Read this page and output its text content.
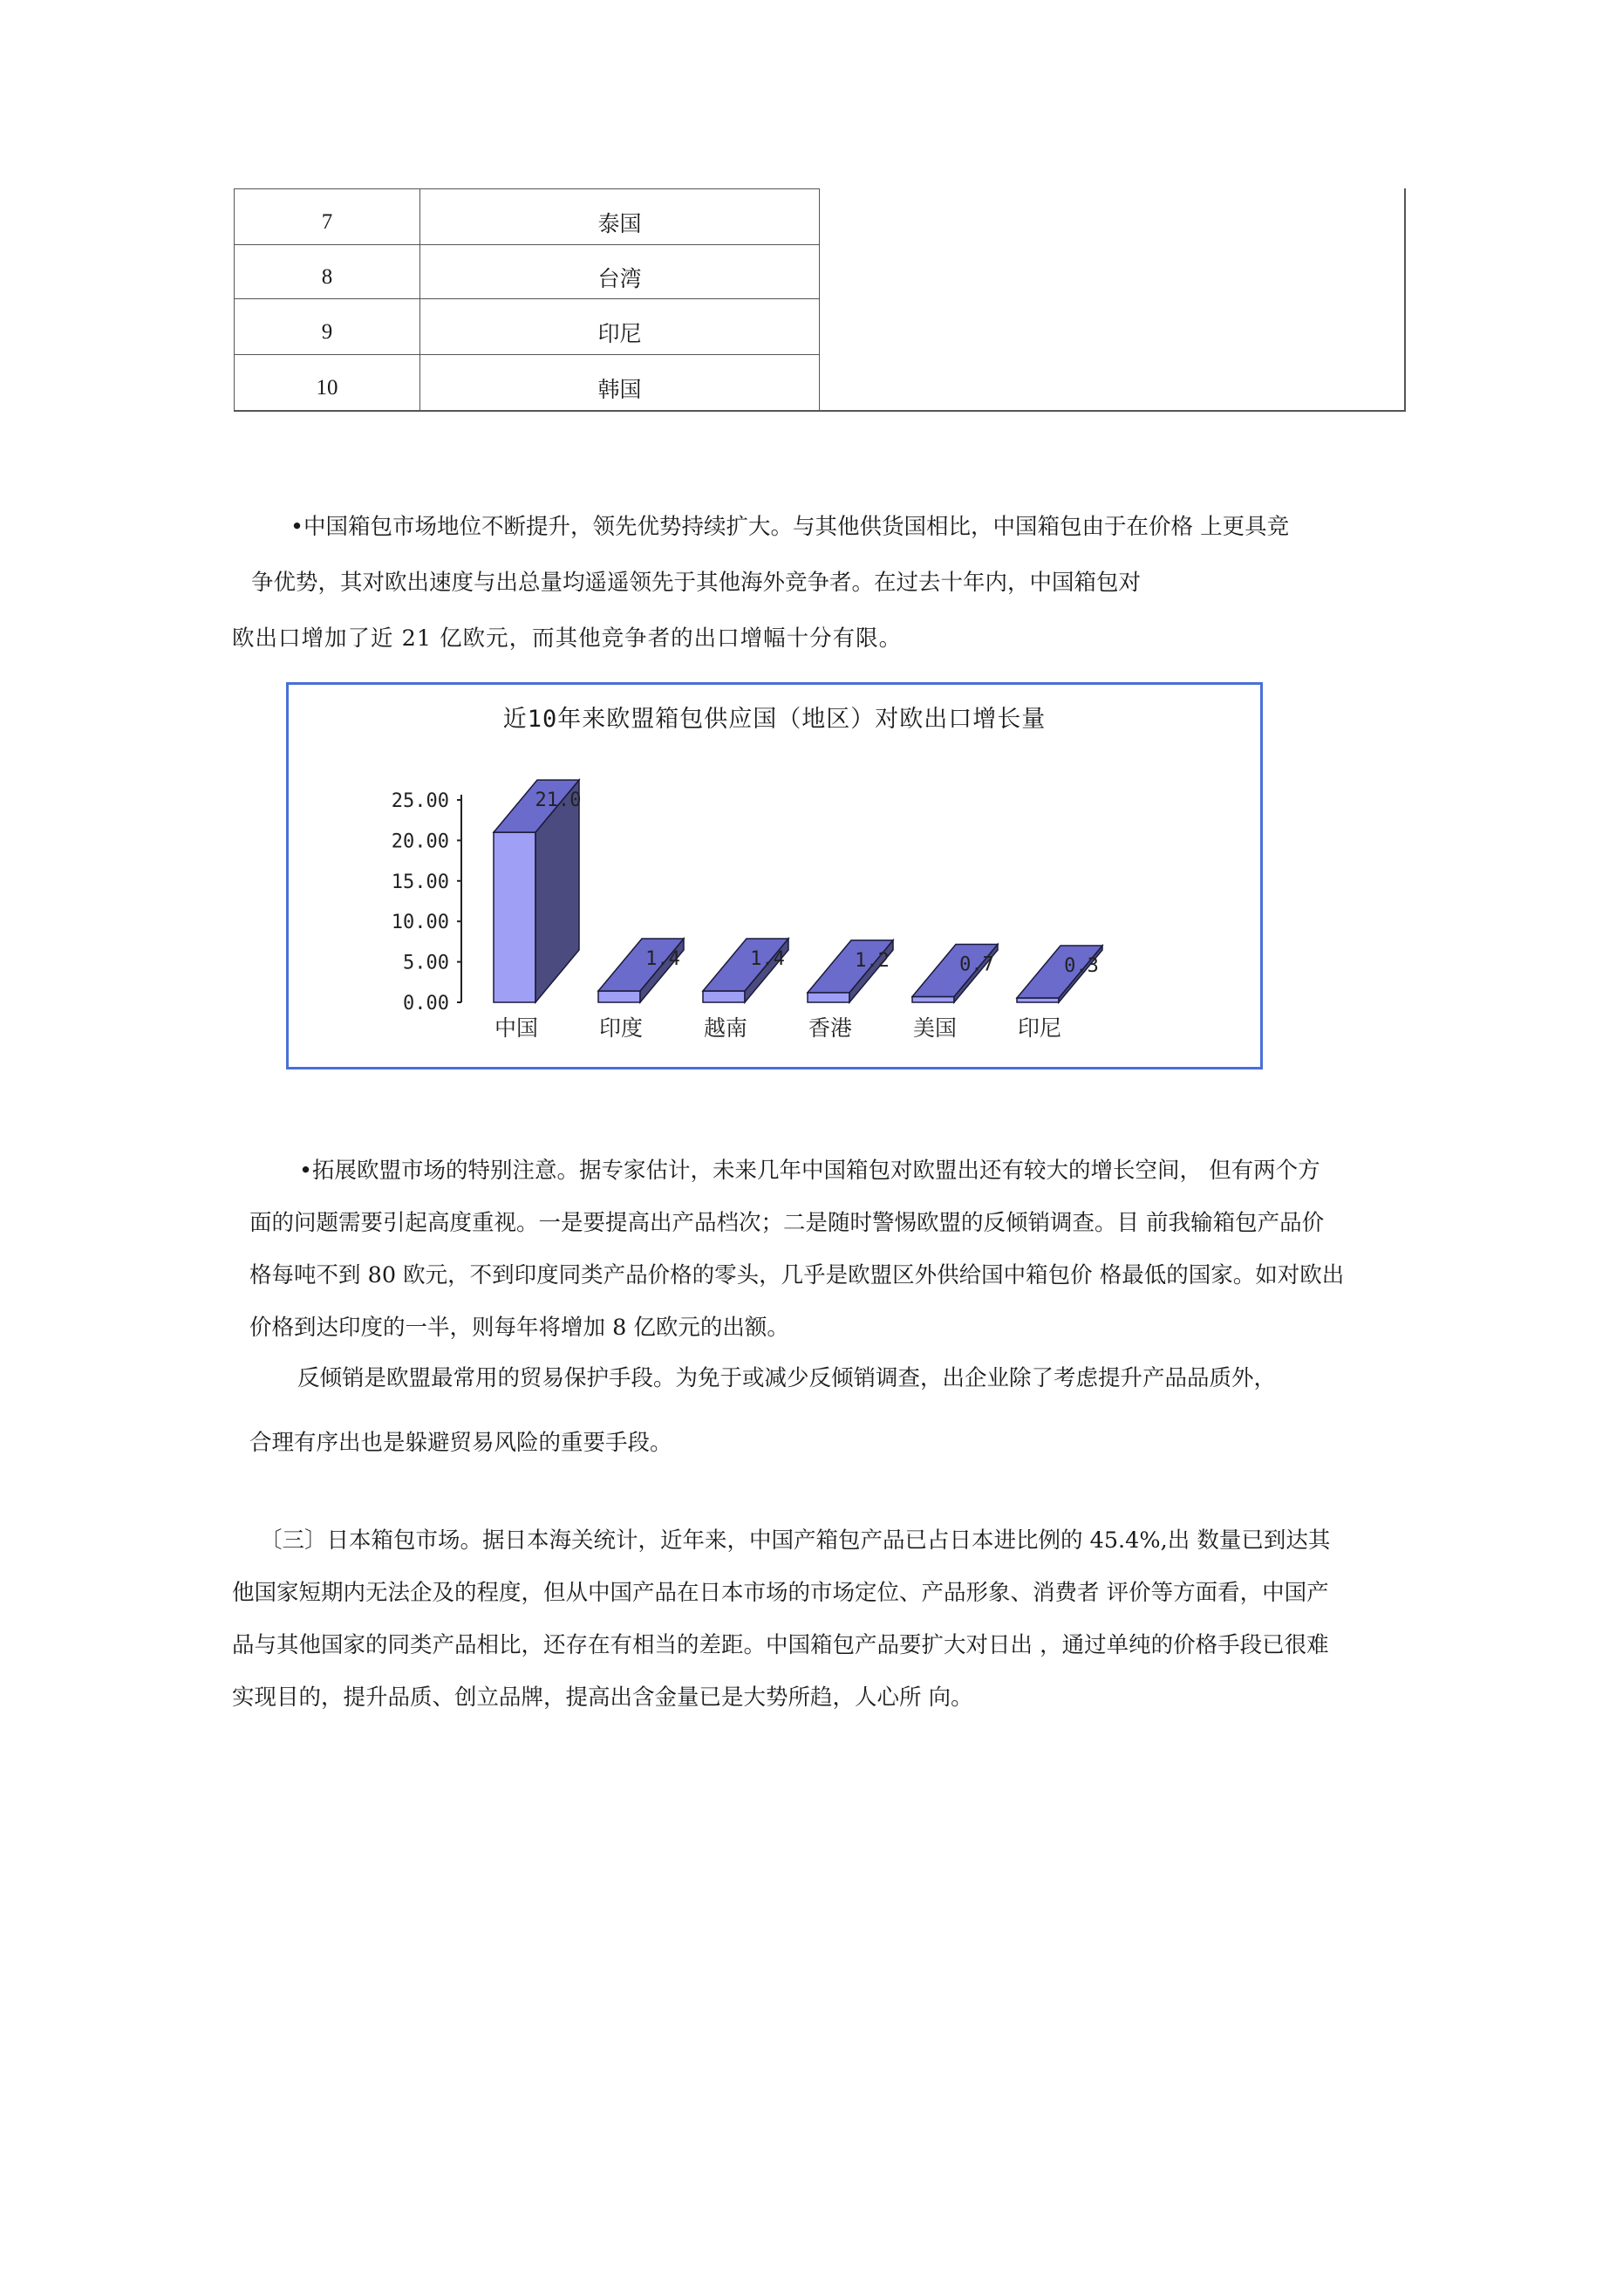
7	泰国

8	台湾

9	印尼

10	韩国

•中国箱包市场地位不断提升，领先优势持续扩大。与其他供货国相比，中国箱包由于在价格 上更具竞

争优势，其对欧出速度与出总量均遥遥领先于其他海外竞争者。在过去十年内，中国箱包对

欧出口增加了近 21 亿欧元，而其他竞争者的出口增幅十分有限。

近10年来欧盟箱包供应国（地区）对欧出口增长量
0.00
5.00
10.00
15.00
20.00
25.00	21.0
中国
1.4
印度
1.4
越南
1.2
香港
0.7
美国
0.3
印尼

•拓展欧盟市场的特别注意。据专家估计，未来几年中国箱包对欧盟出还有较大的增长空间， 但有两个方

面的问题需要引起高度重视。一是要提高出产品档次；二是随时警惕欧盟的反倾销调查。目 前我输箱包产品价

格每吨不到 80 欧元，不到印度同类产品价格的零头，几乎是欧盟区外供给国中箱包价 格最低的国家。如对欧出

价格到达印度的一半，则每年将增加 8 亿欧元的出额。

反倾销是欧盟最常用的贸易保护手段。为免于或减少反倾销调查，出企业除了考虑提升产品品质外，

合理有序出也是躲避贸易风险的重要手段。

〔三〕日本箱包市场。据日本海关统计，近年来，中国产箱包产品已占日本进比例的 45.4%,出 数量已到达其

他国家短期内无法企及的程度，但从中国产品在日本市场的市场定位、产品形象、消费者 评价等方面看，中国产

品与其他国家的同类产品相比，还存在有相当的差距。中国箱包产品要扩大对日出 ，通过单纯的价格手段已很难

实现目的，提升品质、创立品牌，提高出含金量已是大势所趋，人心所 向。
